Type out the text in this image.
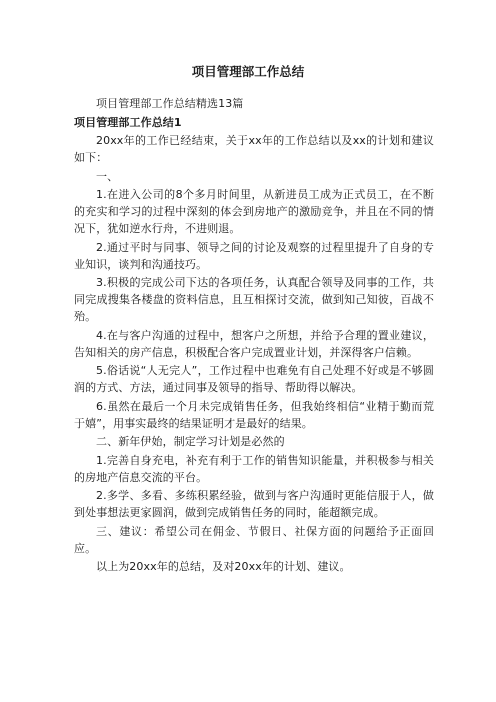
项目管理部工作总结

项目管理部工作总结精选13篇

项目管理部工作总结1

20xx年的工作已经结束，关于xx年的工作总结以及xx的计划和建议如下：

一、

1.在进入公司的8个多月时间里，从新进员工成为正式员工，在不断的充实和学习的过程中深刻的体会到房地产的激励竞争，并且在不同的情况下，犹如逆水行舟，不进则退。

2.通过平时与同事、领导之间的讨论及观察的过程里提升了自身的专业知识，谈判和沟通技巧。

3.积极的完成公司下达的各项任务，认真配合领导及同事的工作，共同完成搜集各楼盘的资料信息，且互相探讨交流，做到知己知彼，百战不殆。

4.在与客户沟通的过程中，想客户之所想，并给予合理的置业建议，告知相关的房产信息，积极配合客户完成置业计划，并深得客户信赖。

5.俗话说“人无完人”，工作过程中也难免有自己处理不好或是不够圆润的方式、方法，通过同事及领导的指导、帮助得以解决。

6.虽然在最后一个月未完成销售任务，但我始终相信“业精于勤而荒于嬉”，用事实最终的结果证明才是最好的结果。

二、新年伊始，制定学习计划是必然的

1.完善自身充电，补充有利于工作的销售知识能量，并积极参与相关的房地产信息交流的平台。

2.多学、多看、多练积累经验，做到与客户沟通时更能信服于人，做到处事想法更家圆润，做到完成销售任务的同时，能超额完成。

三、建议：希望公司在佣金、节假日、社保方面的问题给予正面回应。

以上为20xx年的总结，及对20xx年的计划、建议。
